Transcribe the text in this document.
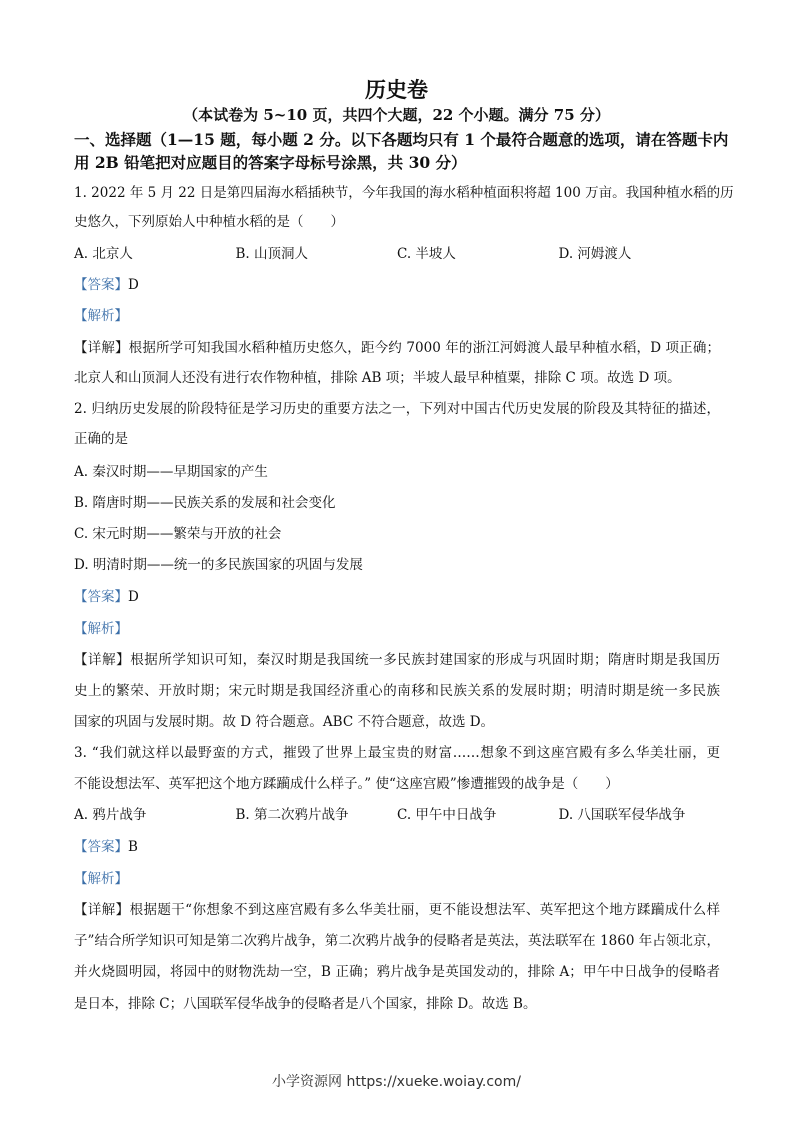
历史卷
（本试卷为 5~10 页，共四个大题，22 个小题。满分 75 分）
一、选择题（1—15 题，每小题 2 分。以下各题均只有 1 个最符合题意的选项，请在答题卡内
用 2B 铅笔把对应题目的答案字母标号涂黑，共 30 分）
1. 2022 年 5 月 22 日是第四届海水稻插秧节，今年我国的海水稻种植面积将超 100 万亩。我国种植水稻的历
史悠久，下列原始人中种植水稻的是（　　）
A. 北京人	B. 山顶洞人	C. 半坡人	D. 河姆渡人
【答案】D
【解析】
【详解】根据所学可知我国水稻种植历史悠久，距今约 7000 年的浙江河姆渡人最早种植水稻，D 项正确；
北京人和山顶洞人还没有进行农作物种植，排除 AB 项；半坡人最早种植粟，排除 C 项。故选 D 项。
2. 归纳历史发展的阶段特征是学习历史的重要方法之一，下列对中国古代历史发展的阶段及其特征的描述，
正确的是
A. 秦汉时期——早期国家的产生
B. 隋唐时期——民族关系的发展和社会变化
C. 宋元时期——繁荣与开放的社会
D. 明清时期——统一的多民族国家的巩固与发展
【答案】D
【解析】
【详解】根据所学知识可知，秦汉时期是我国统一多民族封建国家的形成与巩固时期；隋唐时期是我国历
史上的繁荣、开放时期；宋元时期是我国经济重心的南移和民族关系的发展时期；明清时期是统一多民族
国家的巩固与发展时期。故 D 符合题意。ABC 不符合题意，故选 D。
3. “我们就这样以最野蛮的方式，摧毁了世界上最宝贵的财富……想象不到这座宫殿有多么华美壮丽，更
不能设想法军、英军把这个地方蹂躏成什么样子。” 使“这座宫殿”惨遭摧毁的战争是（　　）
A. 鸦片战争	B. 第二次鸦片战争	C. 甲午中日战争	D. 八国联军侵华战争
【答案】B
【解析】
【详解】根据题干“你想象不到这座宫殿有多么华美壮丽，更不能设想法军、英军把这个地方蹂躏成什么样
子”结合所学知识可知是第二次鸦片战争，第二次鸦片战争的侵略者是英法，英法联军在 1860 年占领北京，
并火烧圆明园，将园中的财物洗劫一空，B 正确；鸦片战争是英国发动的，排除 A；甲午中日战争的侵略者
是日本，排除 C；八国联军侵华战争的侵略者是八个国家，排除 D。故选 B。
小学资源网 https://xueke.woiay.com/
